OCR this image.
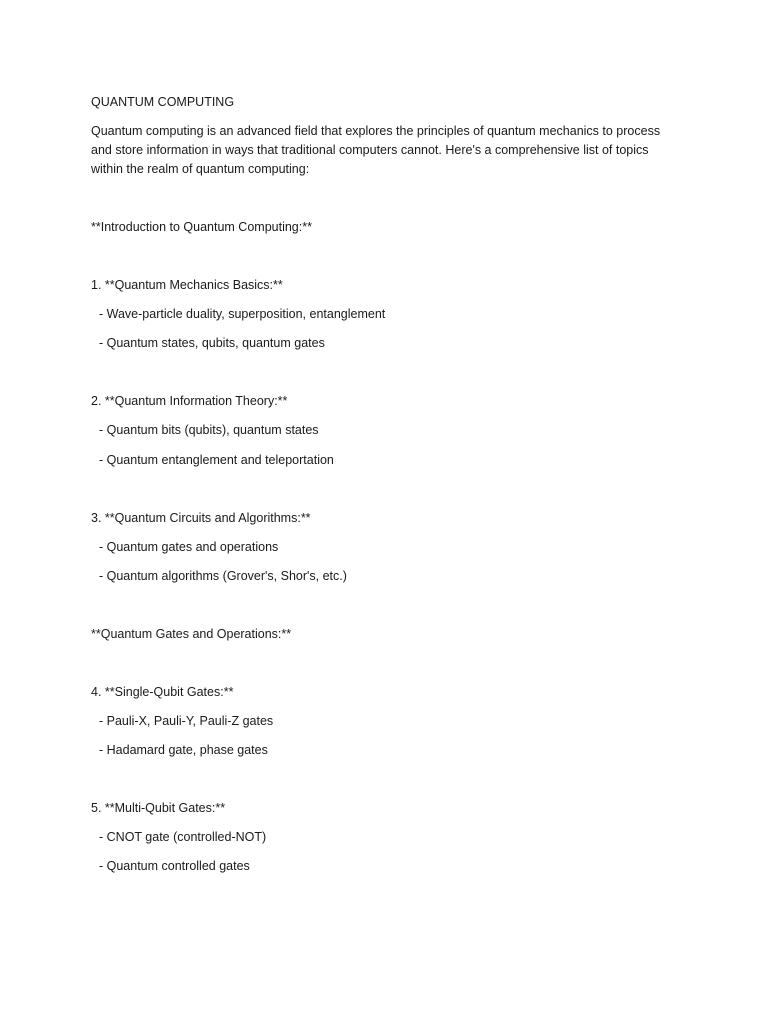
QUANTUM COMPUTING
Quantum computing is an advanced field that explores the principles of quantum mechanics to process
and store information in ways that traditional computers cannot. Here's a comprehensive list of topics
within the realm of quantum computing:
**Introduction to Quantum Computing:**
1. **Quantum Mechanics Basics:**
- Wave-particle duality, superposition, entanglement
- Quantum states, qubits, quantum gates
2. **Quantum Information Theory:**
- Quantum bits (qubits), quantum states
- Quantum entanglement and teleportation
3. **Quantum Circuits and Algorithms:**
- Quantum gates and operations
- Quantum algorithms (Grover's, Shor's, etc.)
**Quantum Gates and Operations:**
4. **Single-Qubit Gates:**
- Pauli-X, Pauli-Y, Pauli-Z gates
- Hadamard gate, phase gates
5. **Multi-Qubit Gates:**
- CNOT gate (controlled-NOT)
- Quantum controlled gates
